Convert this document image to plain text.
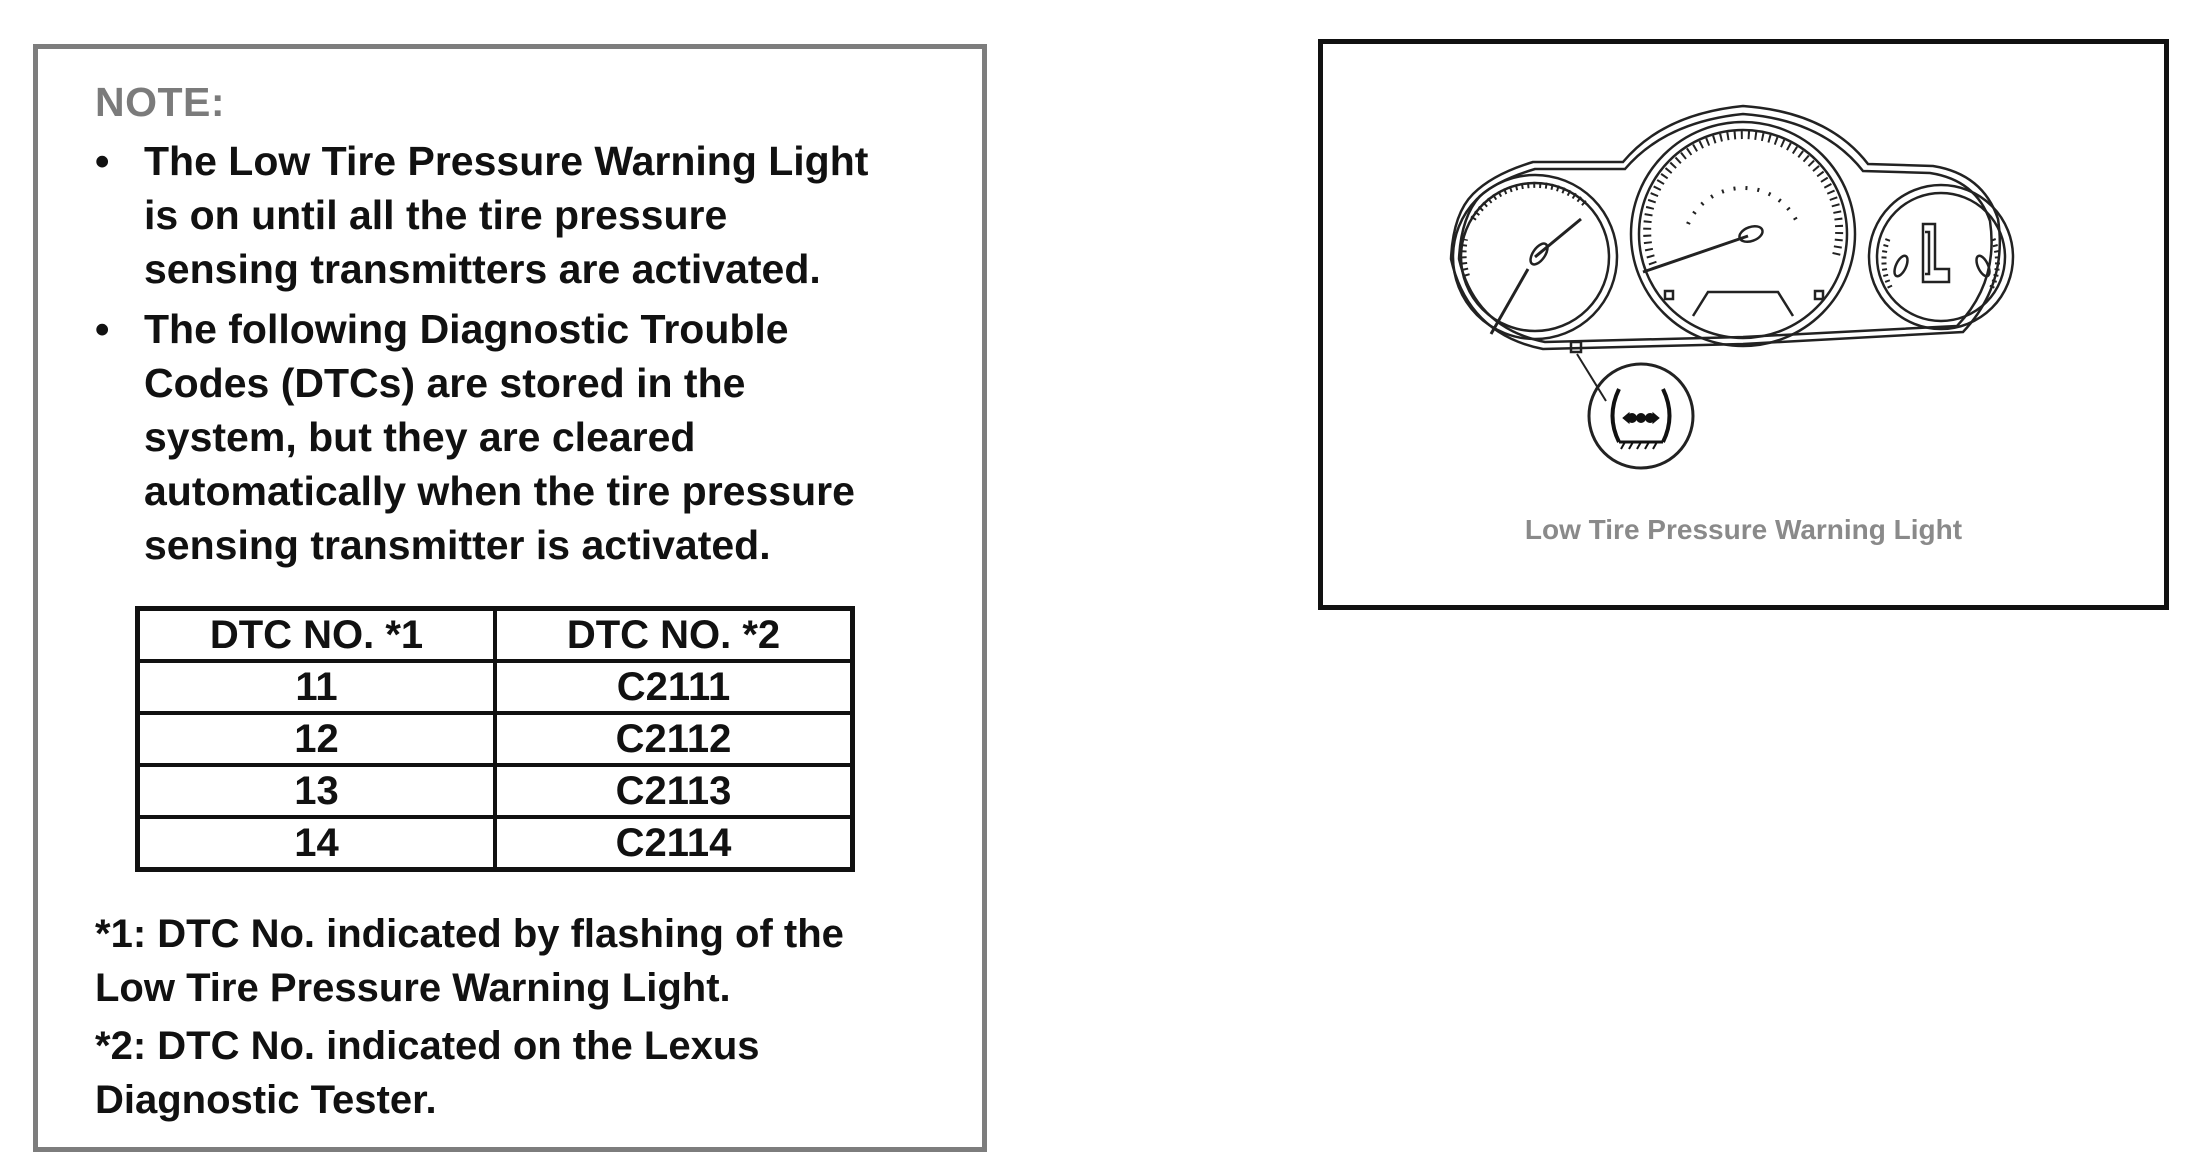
NOTE:
• The Low Tire Pressure Warning Light
is on until all the tire pressure
sensing transmitters are activated.
• The following Diagnostic Trouble
Codes (DTCs) are stored in the
system, but they are cleared
automatically when the tire pressure
sensing transmitter is activated.
DTC NO. *1	DTC NO. *2
11	C2111
12	C2112
13	C2113
14	C2114
*1: DTC No. indicated by flashing of the
Low Tire Pressure Warning Light.
*2: DTC No. indicated on the Lexus
Diagnostic Tester.
Low Tire Pressure Warning Light
